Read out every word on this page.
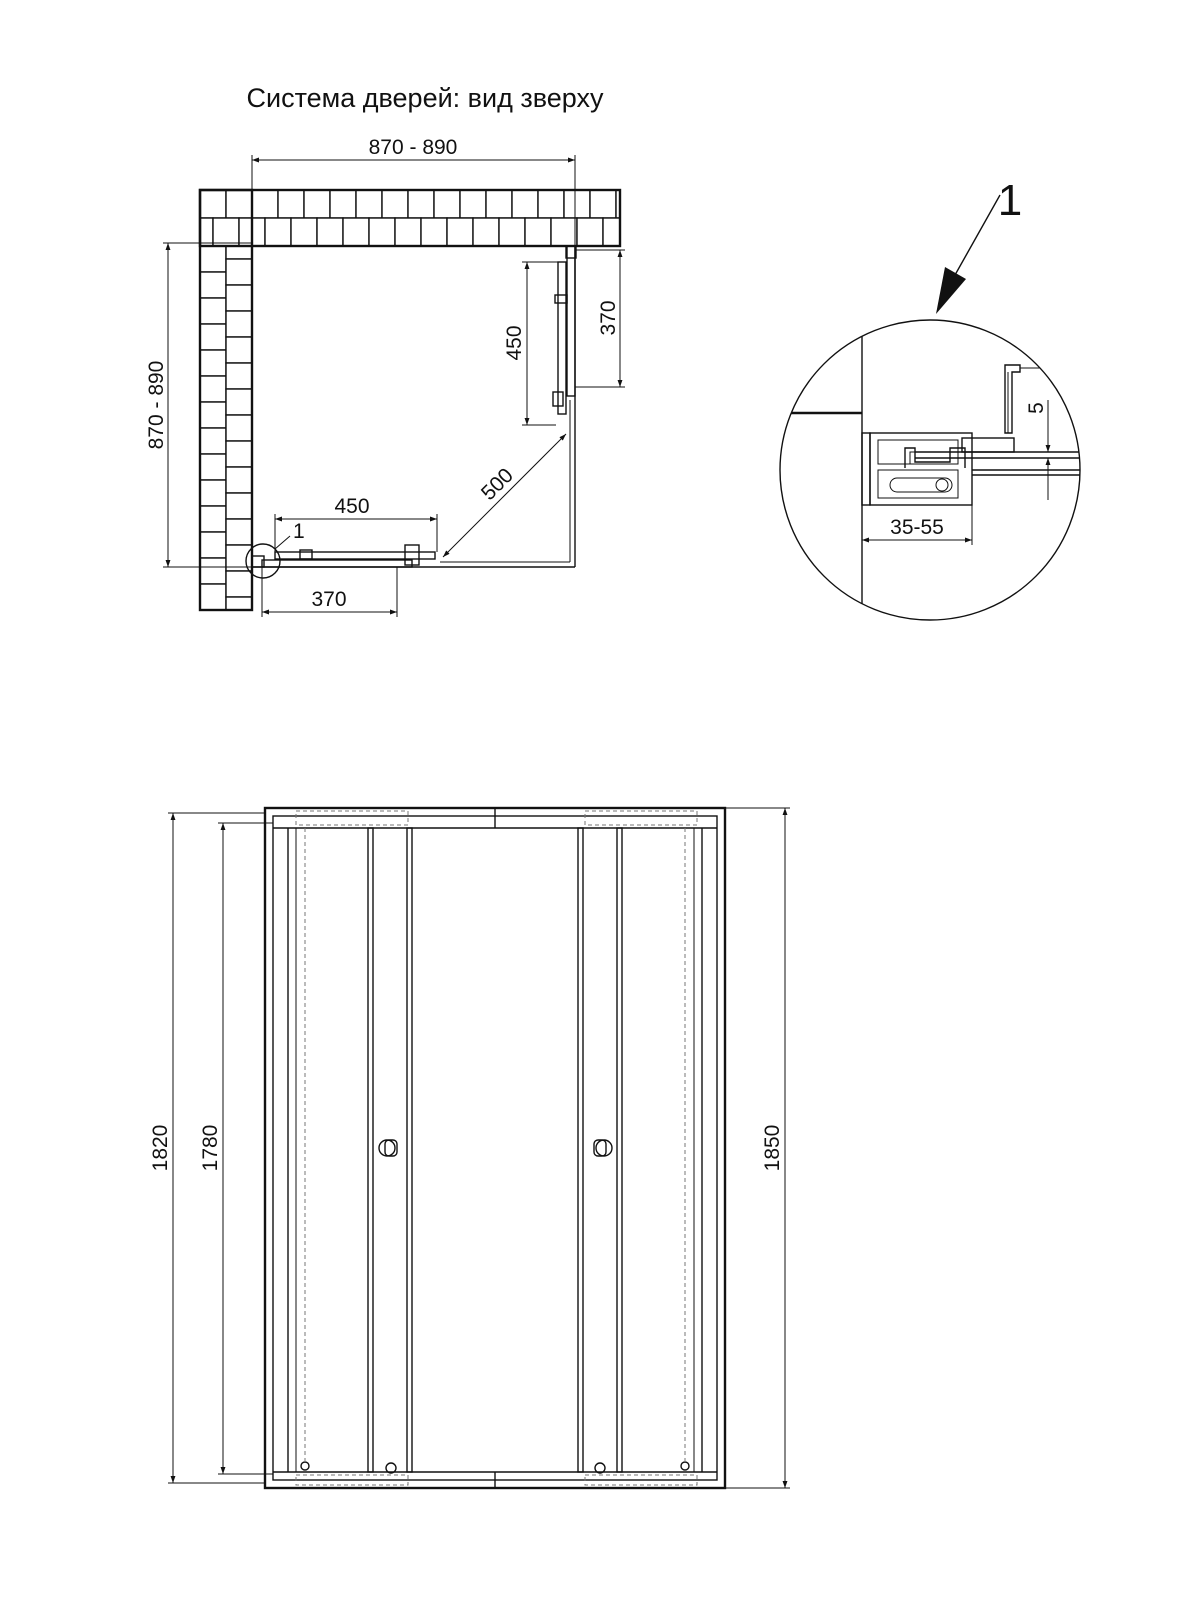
Система дверей: вид зверху
1
870 - 890
870 - 890
450
370
450
370
500
5
35-55
1
1820 1780	1850
